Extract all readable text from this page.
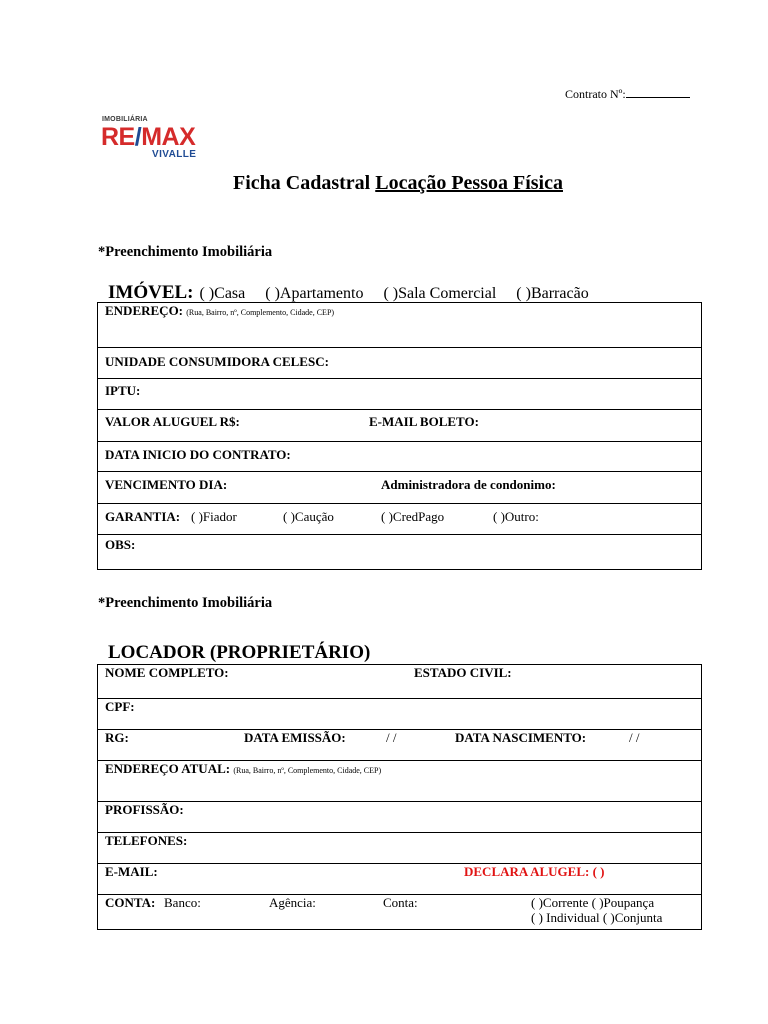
Contrato Nº:
IMOBILIÁRIA
RE/MAX
VIVALLE
Ficha Cadastral Locação Pessoa Física
*Preenchimento Imobiliária
IMÓVEL: ( )Casa ( )Apartamento ( )Sala Comercial ( )Barracão
ENDEREÇO: (Rua, Bairro, nº, Complemento, Cidade, CEP)

UNIDADE CONSUMIDORA CELESC:

IPTU:

VALOR ALUGUEL R$:	E-MAIL BOLETO:

DATA INICIO DO CONTRATO:

VENCIMENTO DIA:	Administradora de condonimo:

GARANTIA: ( )Fiador	( )Caução	( )CredPago	( )Outro:

OBS:
*Preenchimento Imobiliária
LOCADOR (PROPRIETÁRIO)
NOME COMPLETO:	ESTADO CIVIL:

CPF:

RG:	DATA EMISSÃO:	/ /	DATA NASCIMENTO:	/ /

ENDEREÇO ATUAL: (Rua, Bairro, nº, Complemento, Cidade, CEP)

PROFISSÃO:

TELEFONES:

E-MAIL:	DECLARA ALUGEL: ( )

CONTA: Banco:	Agência:	Conta:	( )Corrente ( )Poupança
( ) Individual ( )Conjunta
